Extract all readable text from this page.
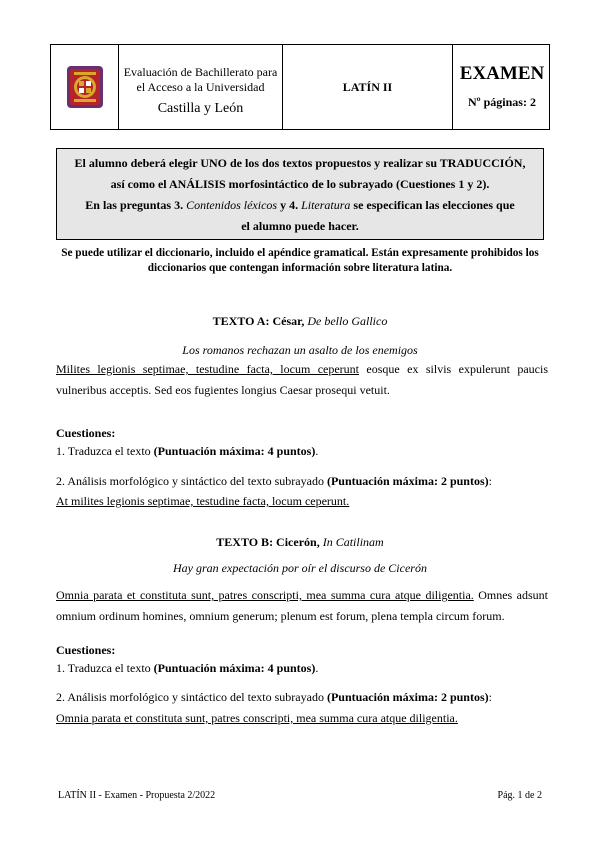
Evaluación de Bachillerato para
el Acceso a la Universidad
Castilla y León
LATÍN II
EXAMEN
Nº páginas: 2
El alumno deberá elegir UNO de los dos textos propuestos y realizar su TRADUCCIÓN,
así como el ANÁLISIS morfosintáctico de lo subrayado (Cuestiones 1 y 2).
En las preguntas 3. Contenidos léxicos y 4. Literatura se especifican las elecciones que
el alumno puede hacer.
Se puede utilizar el diccionario, incluido el apéndice gramatical. Están expresamente prohibidos los
diccionarios que contengan información sobre literatura latina.
TEXTO A: César, De bello Gallico
Los romanos rechazan un asalto de los enemigos
Milites legionis septimae, testudine facta, locum ceperunt eosque ex silvis expulerunt paucis vulneribus acceptis. Sed eos fugientes longius Caesar prosequi vetuit.
Cuestiones:
1. Traduzca el texto (Puntuación máxima: 4 puntos).
2. Análisis morfológico y sintáctico del texto subrayado (Puntuación máxima: 2 puntos):
At milites legionis septimae, testudine facta, locum ceperunt.
TEXTO B: Cicerón, In Catilinam
Hay gran expectación por oír el discurso de Cicerón
Omnia parata et constituta sunt, patres conscripti, mea summa cura atque diligentia. Omnes adsunt omnium ordinum homines, omnium generum; plenum est forum, plena templa circum forum.
Cuestiones:
1. Traduzca el texto (Puntuación máxima: 4 puntos).
2. Análisis morfológico y sintáctico del texto subrayado (Puntuación máxima: 2 puntos):
Omnia parata et constituta sunt, patres conscripti, mea summa cura atque diligentia.
LATÍN II - Examen - Propuesta 2/2022	Pág. 1 de 2
